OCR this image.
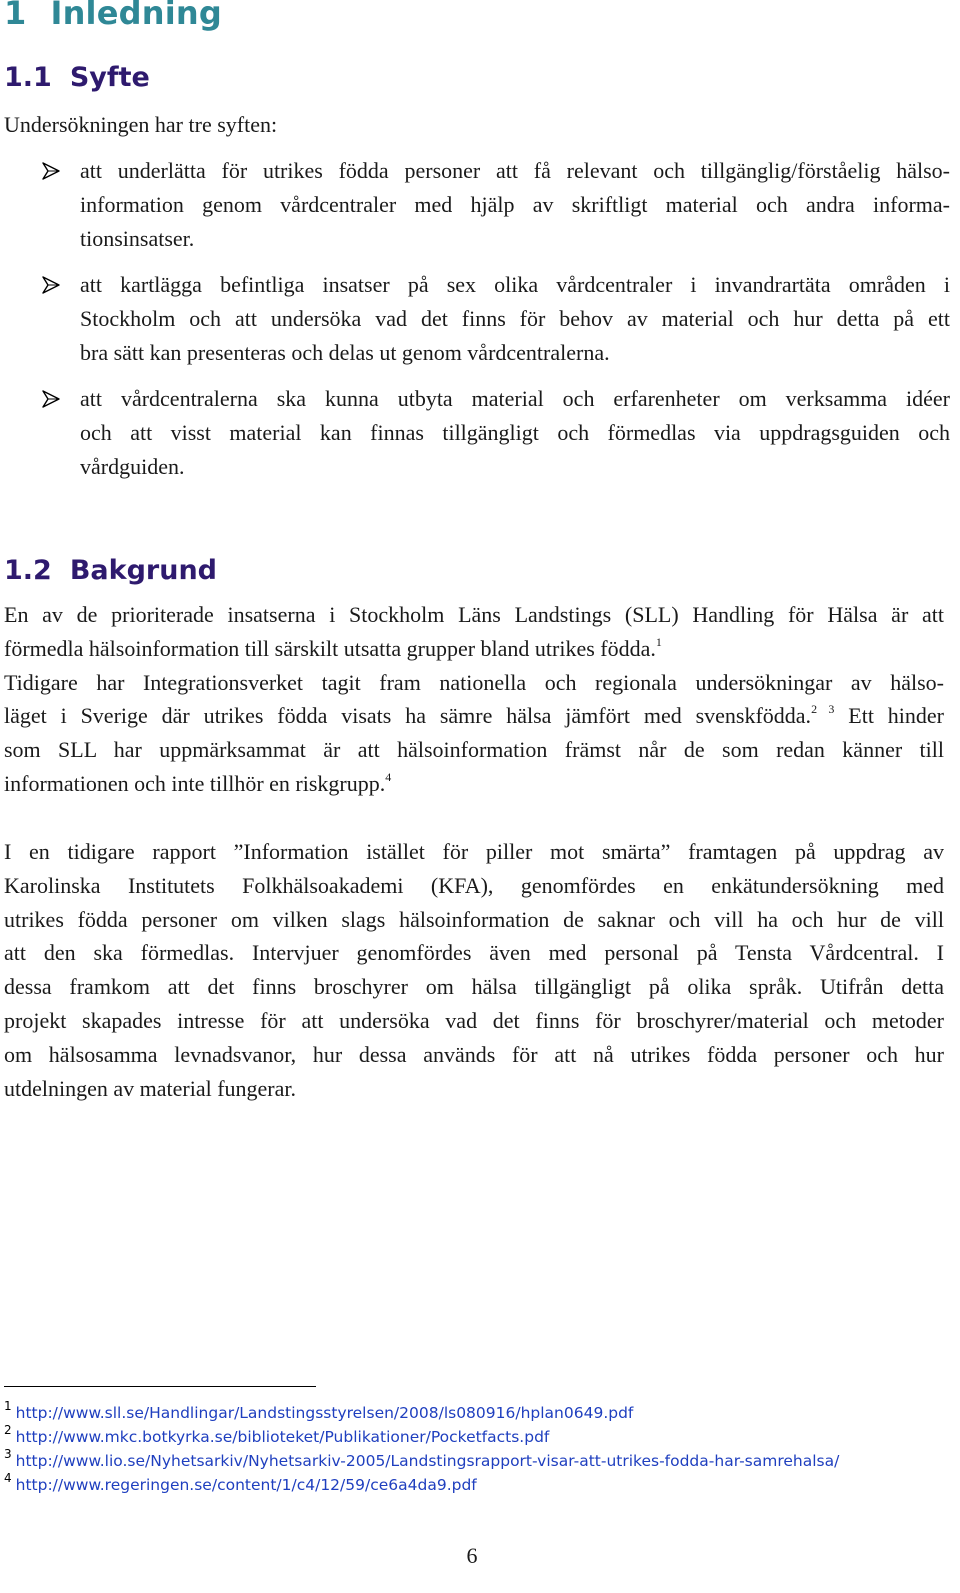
1 Inledning
1.1 Syfte

Undersökningen har tre syften:

att underlätta för utrikes födda personer att få relevant och tillgänglig/förståelig hälso-
information genom vårdcentraler med hjälp av skriftligt material och andra informa-
tionsinsatser.
att kartlägga befintliga insatser på sex olika vårdcentraler i invandrartäta områden i
Stockholm och att undersöka vad det finns för behov av material och hur detta på ett
bra sätt kan presenteras och delas ut genom vårdcentralerna.
att vårdcentralerna ska kunna utbyta material och erfarenheter om verksamma idéer
och att visst material kan finnas tillgängligt och förmedlas via uppdragsguiden och
vårdguiden.
1.2 Bakgrund
En av de prioriterade insatserna i Stockholm Läns Landstings (SLL) Handling för Hälsa är att
förmedla hälsoinformation till särskilt utsatta grupper bland utrikes födda.$^1$
Tidigare har Integrationsverket tagit fram nationella och regionala undersökningar av hälso-
läget i Sverige där utrikes födda visats ha sämre hälsa jämfört med svenskfödda.$^{2 3}$ Ett hinder
som SLL har uppmärksammat är att hälsoinformation främst når de som redan känner till
informationen och inte tillhör en riskgrupp.$^4$
I en tidigare rapport ”Information istället för piller mot smärta” framtagen på uppdrag av
Karolinska Institutets Folkhälsoakademi (KFA), genomfördes en enkätundersökning med
utrikes födda personer om vilken slags hälsoinformation de saknar och vill ha och hur de vill
att den ska förmedlas. Intervjuer genomfördes även med personal på Tensta Vårdcentral. I
dessa framkom att det finns broschyrer om hälsa tillgängligt på olika språk. Utifrån detta
projekt skapades intresse för att undersöka vad det finns för broschyrer/material och metoder
om hälsosamma levnadsvanor, hur dessa används för att nå utrikes födda personer och hur
utdelningen av material fungerar.
$^1$ http://www.sll.se/Handlingar/Landstingsstyrelsen/2008/ls080916/hplan0649.pdf
$^2$ http://www.mkc.botkyrka.se/biblioteket/Publikationer/Pocketfacts.pdf
$^3$ http://www.lio.se/Nyhetsarkiv/Nyhetsarkiv-2005/Landstingsrapport-visar-att-utrikes-fodda-har-samrehalsa/
$^4$ http://www.regeringen.se/content/1/c4/12/59/ce6a4da9.pdf
6
